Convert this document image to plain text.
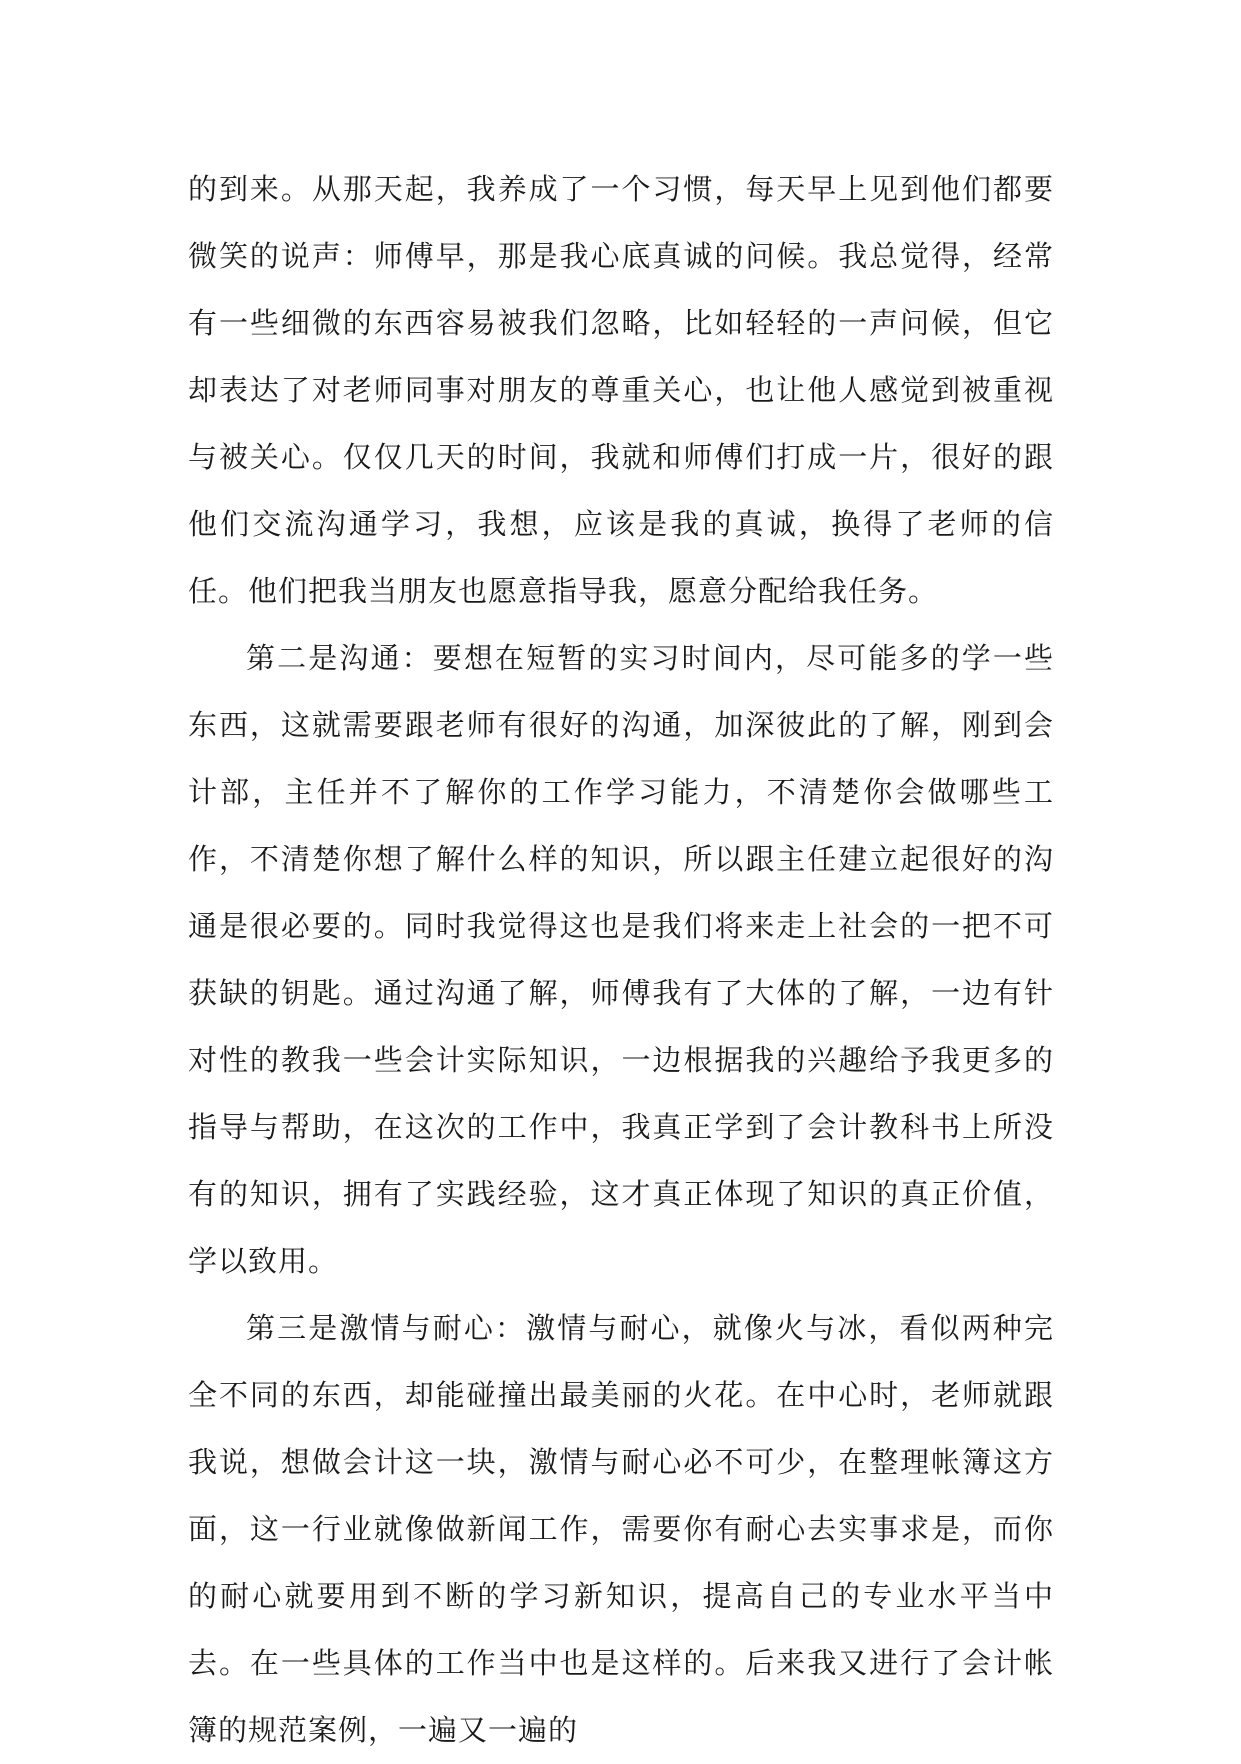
的到来。从那天起，我养成了一个习惯，每天早上见到他们都要微笑的说声：师傅早，那是我心底真诚的问候。我总觉得，经常有一些细微的东西容易被我们忽略，比如轻轻的一声问候，但它却表达了对老师同事对朋友的尊重关心，也让他人感觉到被重视与被关心。仅仅几天的时间，我就和师傅们打成一片，很好的跟他们交流沟通学习，我想，应该是我的真诚，换得了老师的信任。他们把我当朋友也愿意指导我，愿意分配给我任务。

第二是沟通：要想在短暂的实习时间内，尽可能多的学一些东西，这就需要跟老师有很好的沟通，加深彼此的了解，刚到会计部，主任并不了解你的工作学习能力，不清楚你会做哪些工作，不清楚你想了解什么样的知识，所以跟主任建立起很好的沟通是很必要的。同时我觉得这也是我们将来走上社会的一把不可获缺的钥匙。通过沟通了解，师傅我有了大体的了解，一边有针对性的教我一些会计实际知识，一边根据我的兴趣给予我更多的指导与帮助，在这次的工作中，我真正学到了会计教科书上所没有的知识，拥有了实践经验，这才真正体现了知识的真正价值，学以致用。

第三是激情与耐心：激情与耐心，就像火与冰，看似两种完全不同的东西，却能碰撞出最美丽的火花。在中心时，老师就跟我说，想做会计这一块，激情与耐心必不可少，在整理帐簿这方面，这一行业就像做新闻工作，需要你有耐心去实事求是，而你的耐心就要用到不断的学习新知识，提高自己的专业水平当中去。在一些具体的工作当中也是这样的。后来我又进行了会计帐簿的规范案例，一遍又一遍的
